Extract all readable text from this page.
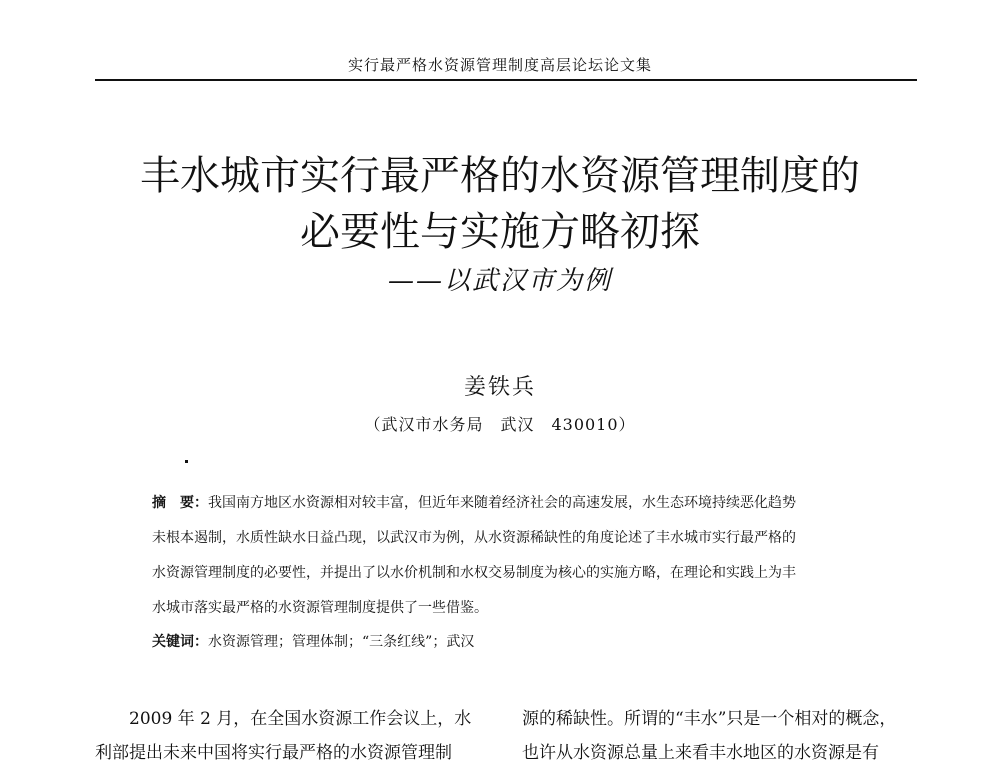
实行最严格水资源管理制度高层论坛论文集
丰水城市实行最严格的水资源管理制度的
必要性与实施方略初探
——以武汉市为例
姜铁兵
（武汉市水务局　武汉　430010）
摘　要：我国南方地区水资源相对较丰富，但近年来随着经济社会的高速发展，水生态环境持续恶化趋势
未根本遏制，水质性缺水日益凸现，以武汉市为例，从水资源稀缺性的角度论述了丰水城市实行最严格的
水资源管理制度的必要性，并提出了以水价机制和水权交易制度为核心的实施方略，在理论和实践上为丰
水城市落实最严格的水资源管理制度提供了一些借鉴。
关键词：水资源管理；管理体制；“三条红线”；武汉
2009 年 2 月，在全国水资源工作会议上，水
利部提出未来中国将实行最严格的水资源管理制
源的稀缺性。所谓的“丰水”只是一个相对的概念，
也许从水资源总量上来看丰水地区的水资源是有
